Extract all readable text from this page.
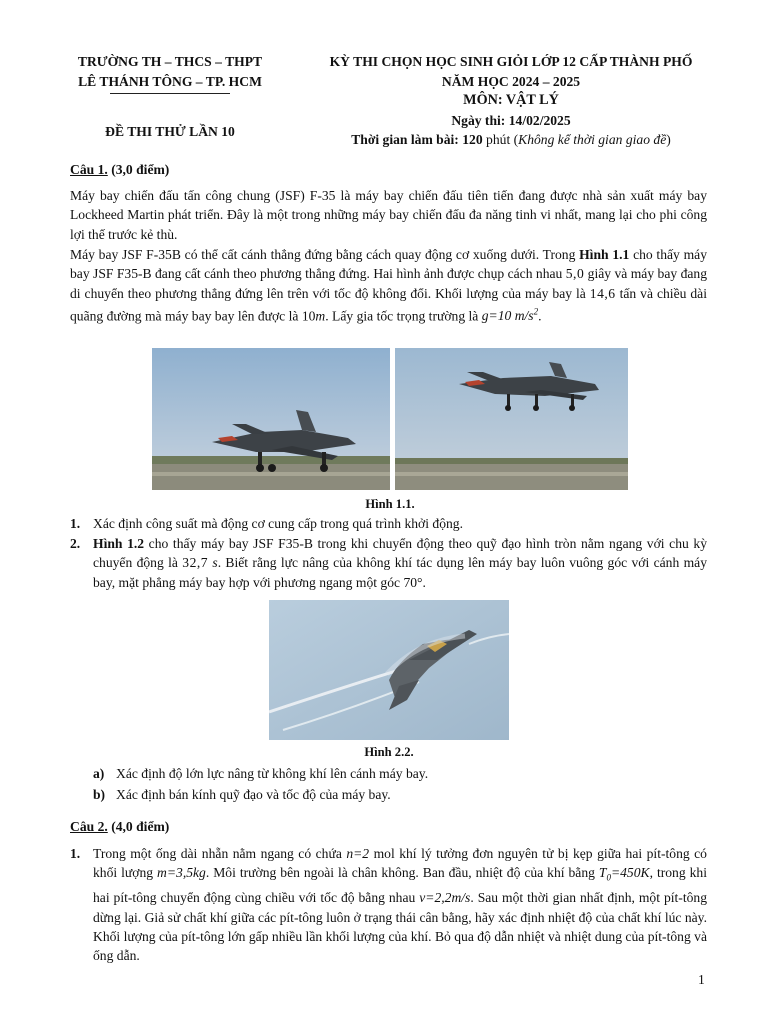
TRƯỜNG TH – THCS – THPT
LÊ THÁNH TÔNG – TP. HCM
KỲ THI CHỌN HỌC SINH GIỎI LỚP 12 CẤP THÀNH PHỐ
NĂM HỌC 2024 – 2025
MÔN: VẬT LÝ
Ngày thi: 14/02/2025
Thời gian làm bài: 120 phút (Không kể thời gian giao đề)
ĐỀ THI THỬ LẦN 10
Câu 1. (3,0 điểm)
Máy bay chiến đấu tấn công chung (JSF) F-35 là máy bay chiến đấu tiên tiến đang được nhà sản xuất máy bay Lockheed Martin phát triển. Đây là một trong những máy bay chiến đấu đa năng tinh vi nhất, mang lại cho phi công lợi thế trước kẻ thù.
Máy bay JSF F-35B có thể cất cánh thẳng đứng bằng cách quay động cơ xuống dưới. Trong Hình 1.1 cho thấy máy bay JSF F35-B đang cất cánh theo phương thẳng đứng. Hai hình ảnh được chụp cách nhau 5,0 giây và máy bay đang di chuyển theo phương thẳng đứng lên trên với tốc độ không đổi. Khối lượng của máy bay là 14,6 tấn và chiều dài quãng đường mà máy bay bay lên được là 10m. Lấy gia tốc trọng trường là g=10 $m/s^2$.
Hình 1.1.
1. Xác định công suất mà động cơ cung cấp trong quá trình khởi động.
2. Hình 1.2 cho thấy máy bay JSF F35-B trong khi chuyển động theo quỹ đạo hình tròn nằm ngang với chu kỳ chuyển động là 32,7 s. Biết rằng lực nâng của không khí tác dụng lên máy bay luôn vuông góc với cánh máy bay, mặt phẳng máy bay hợp với phương ngang một góc 70°.
Hình 2.2.
a) Xác định độ lớn lực nâng từ không khí lên cánh máy bay.
b) Xác định bán kính quỹ đạo và tốc độ của máy bay.
Câu 2. (4,0 điểm)
1. Trong một ống dài nhẵn nằm ngang có chứa n=2 mol khí lý tưởng đơn nguyên tử bị kẹp giữa hai pít-tông có khối lượng m=3,5kg. Môi trường bên ngoài là chân không. Ban đầu, nhiệt độ của khí bằng $T_0=450K$, trong khi hai pít-tông chuyển động cùng chiều với tốc độ bằng nhau v=2,2m/s. Sau một thời gian nhất định, một pít-tông dừng lại. Giả sử chất khí giữa các pít-tông luôn ở trạng thái cân bằng, hãy xác định nhiệt độ của chất khí lúc này. Khối lượng của pít-tông lớn gấp nhiều lần khối lượng của khí. Bỏ qua độ dẫn nhiệt và nhiệt dung của pít-tông và ống dẫn.
1
